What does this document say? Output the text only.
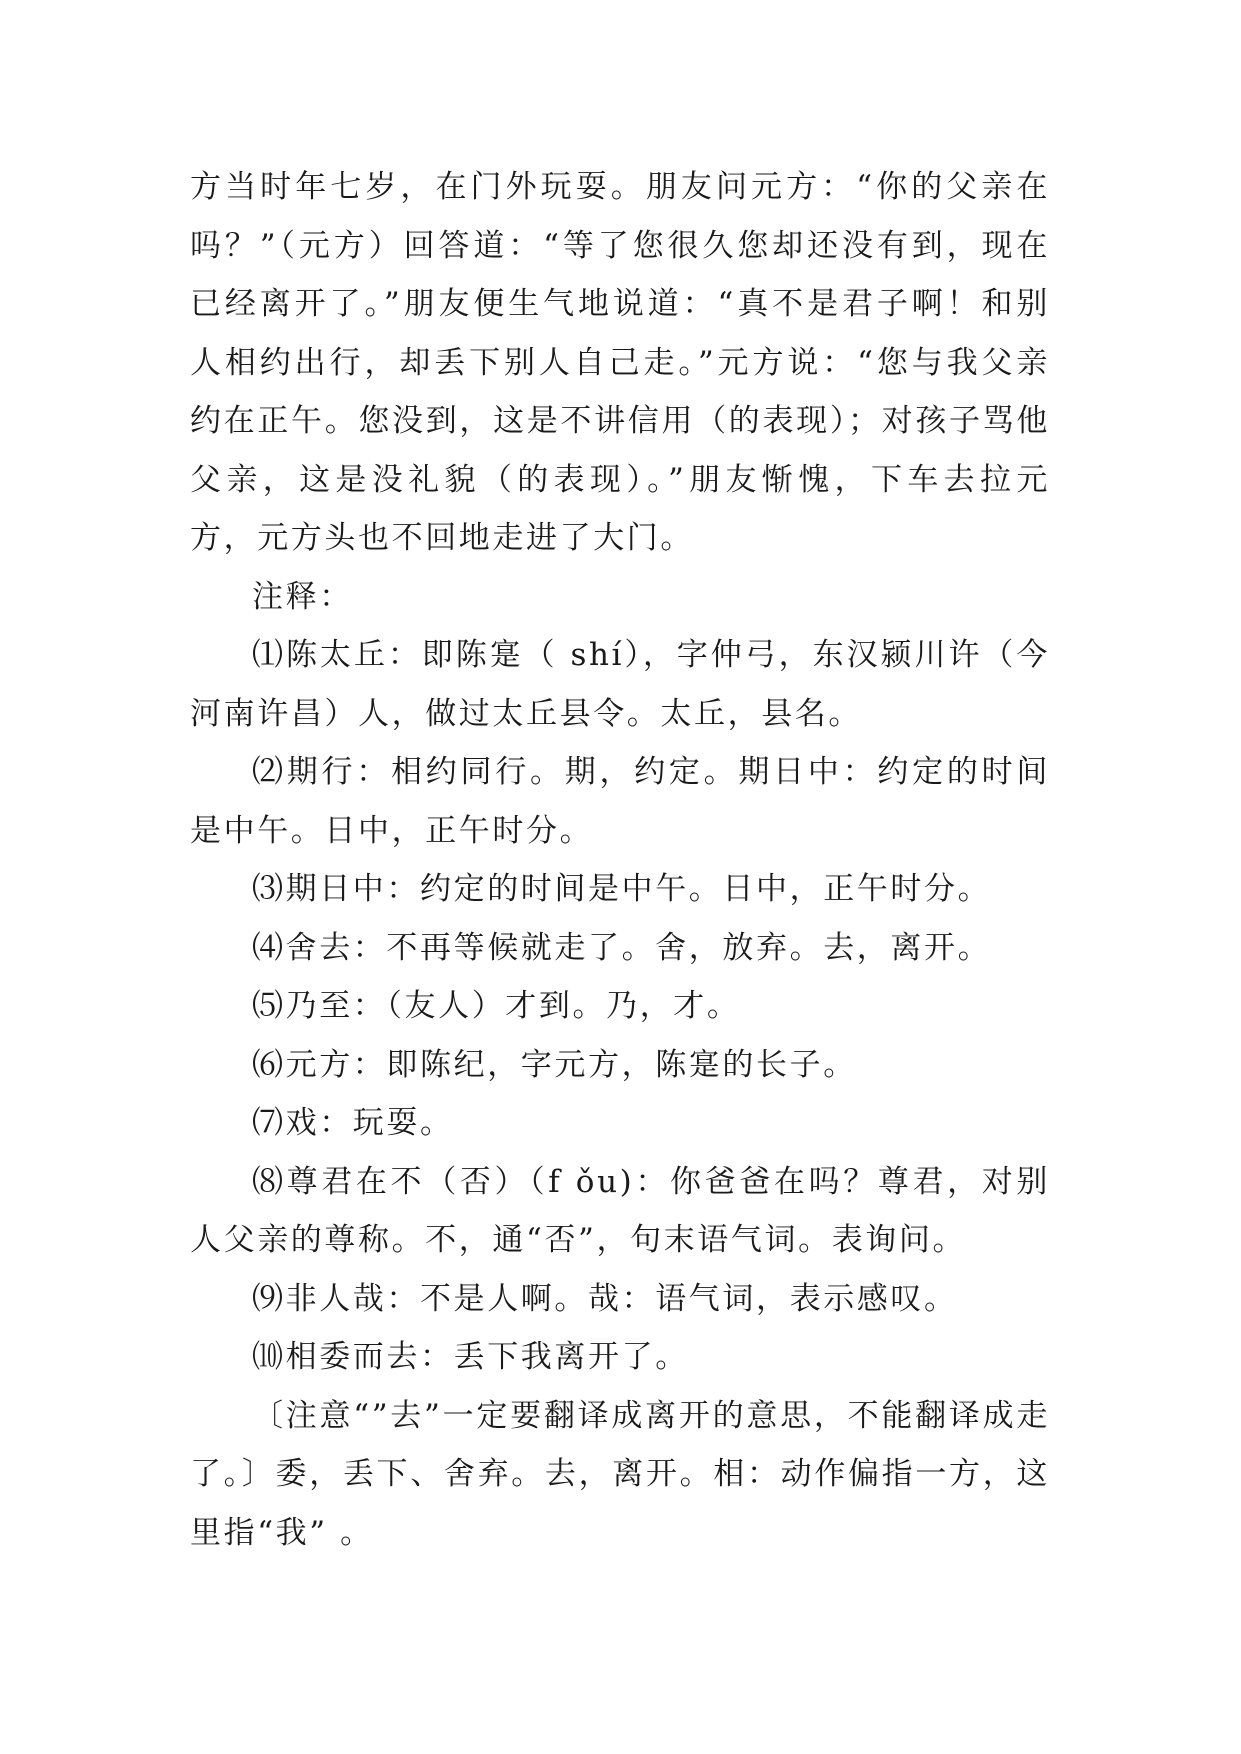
方当时年七岁，在门外玩耍。朋友问元方：“你的父亲在吗？”（元方）回答道：“等了您很久您却还没有到，现在已经离开了。”朋友便生气地说道：“真不是君子啊！和别人相约出行，却丢下别人自己走。”元方说：“您与我父亲约在正午。您没到，这是不讲信用（的表现）；对孩子骂他父亲，这是没礼貌（的表现）。”朋友惭愧，下车去拉元方，元方头也不回地走进了大门。

注释：

⑴陈太丘：即陈寔（ shí），字仲弓，东汉颍川许（今河南许昌）人，做过太丘县令。太丘，县名。

⑵期行：相约同行。期，约定。期日中：约定的时间是中午。日中，正午时分。

⑶期日中：约定的时间是中午。日中，正午时分。

⑷舍去：不再等候就走了。舍，放弃。去，离开。

⑸乃至：（友人）才到。乃，才。

⑹元方：即陈纪，字元方，陈寔的长子。

⑺戏：玩耍。

⑻尊君在不（否）（f ǒu)：你爸爸在吗？尊君，对别人父亲的尊称。不，通“否”，句末语气词。表询问。

⑼非人哉：不是人啊。哉：语气词，表示感叹。

⑽相委而去：丢下我离开了。

〔注意“”去”一定要翻译成离开的意思，不能翻译成走了。〕委，丢下、舍弃。去，离开。相：动作偏指一方，这里指“我” 。
